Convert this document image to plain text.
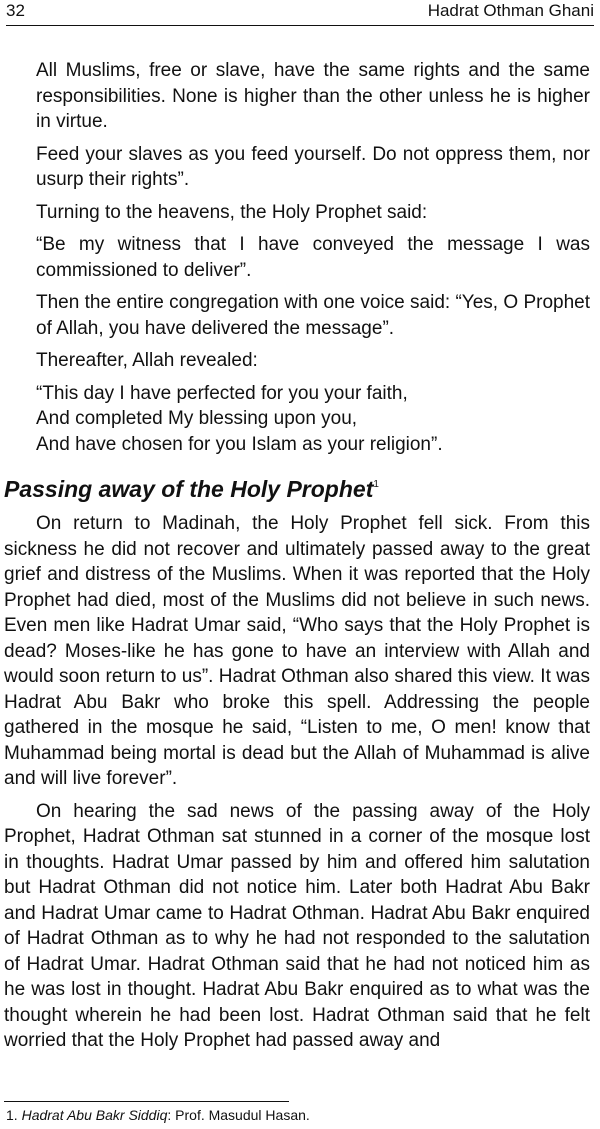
32	Hadrat Othman Ghani

All Muslims, free or slave, have the same rights and the same responsibilities. None is higher than the other unless he is higher in virtue.

Feed your slaves as you feed yourself. Do not oppress them, nor usurp their rights”.

Turning to the heavens, the Holy Prophet said:

“Be my witness that I have conveyed the message I was commissioned to deliver”.

Then the entire congregation with one voice said: “Yes, O Prophet of Allah, you have delivered the message”.

Thereafter, Allah revealed:

“This day I have perfected for you your faith,

And completed My blessing upon you,

And have chosen for you Islam as your religion”.

Passing away of the Holy Prophet$^1$

On return to Madinah, the Holy Prophet fell sick. From this sickness he did not recover and ultimately passed away to the great grief and distress of the Muslims. When it was reported that the Holy Prophet had died, most of the Muslims did not believe in such news. Even men like Hadrat Umar said, “Who says that the Holy Prophet is dead? Moses-like he has gone to have an interview with Allah and would soon return to us”. Hadrat Othman also shared this view. It was Hadrat Abu Bakr who broke this spell. Addressing the people gathered in the mosque he said, “Listen to me, O men! know that Muhammad being mortal is dead but the Allah of Muhammad is alive and will live forever”.

On hearing the sad news of the passing away of the Holy Prophet, Hadrat Othman sat stunned in a corner of the mosque lost in thoughts. Hadrat Umar passed by him and offered him salutation but Hadrat Othman did not notice him. Later both Hadrat Abu Bakr and Hadrat Umar came to Hadrat Othman. Hadrat Abu Bakr enquired of Hadrat Othman as to why he had not responded to the salutation of Hadrat Umar. Hadrat Othman said that he had not noticed him as he was lost in thought. Hadrat Abu Bakr enquired as to what was the thought wherein he had been lost. Hadrat Othman said that he felt worried that the Holy Prophet had passed away and

1. Hadrat Abu Bakr Siddiq: Prof. Masudul Hasan.
